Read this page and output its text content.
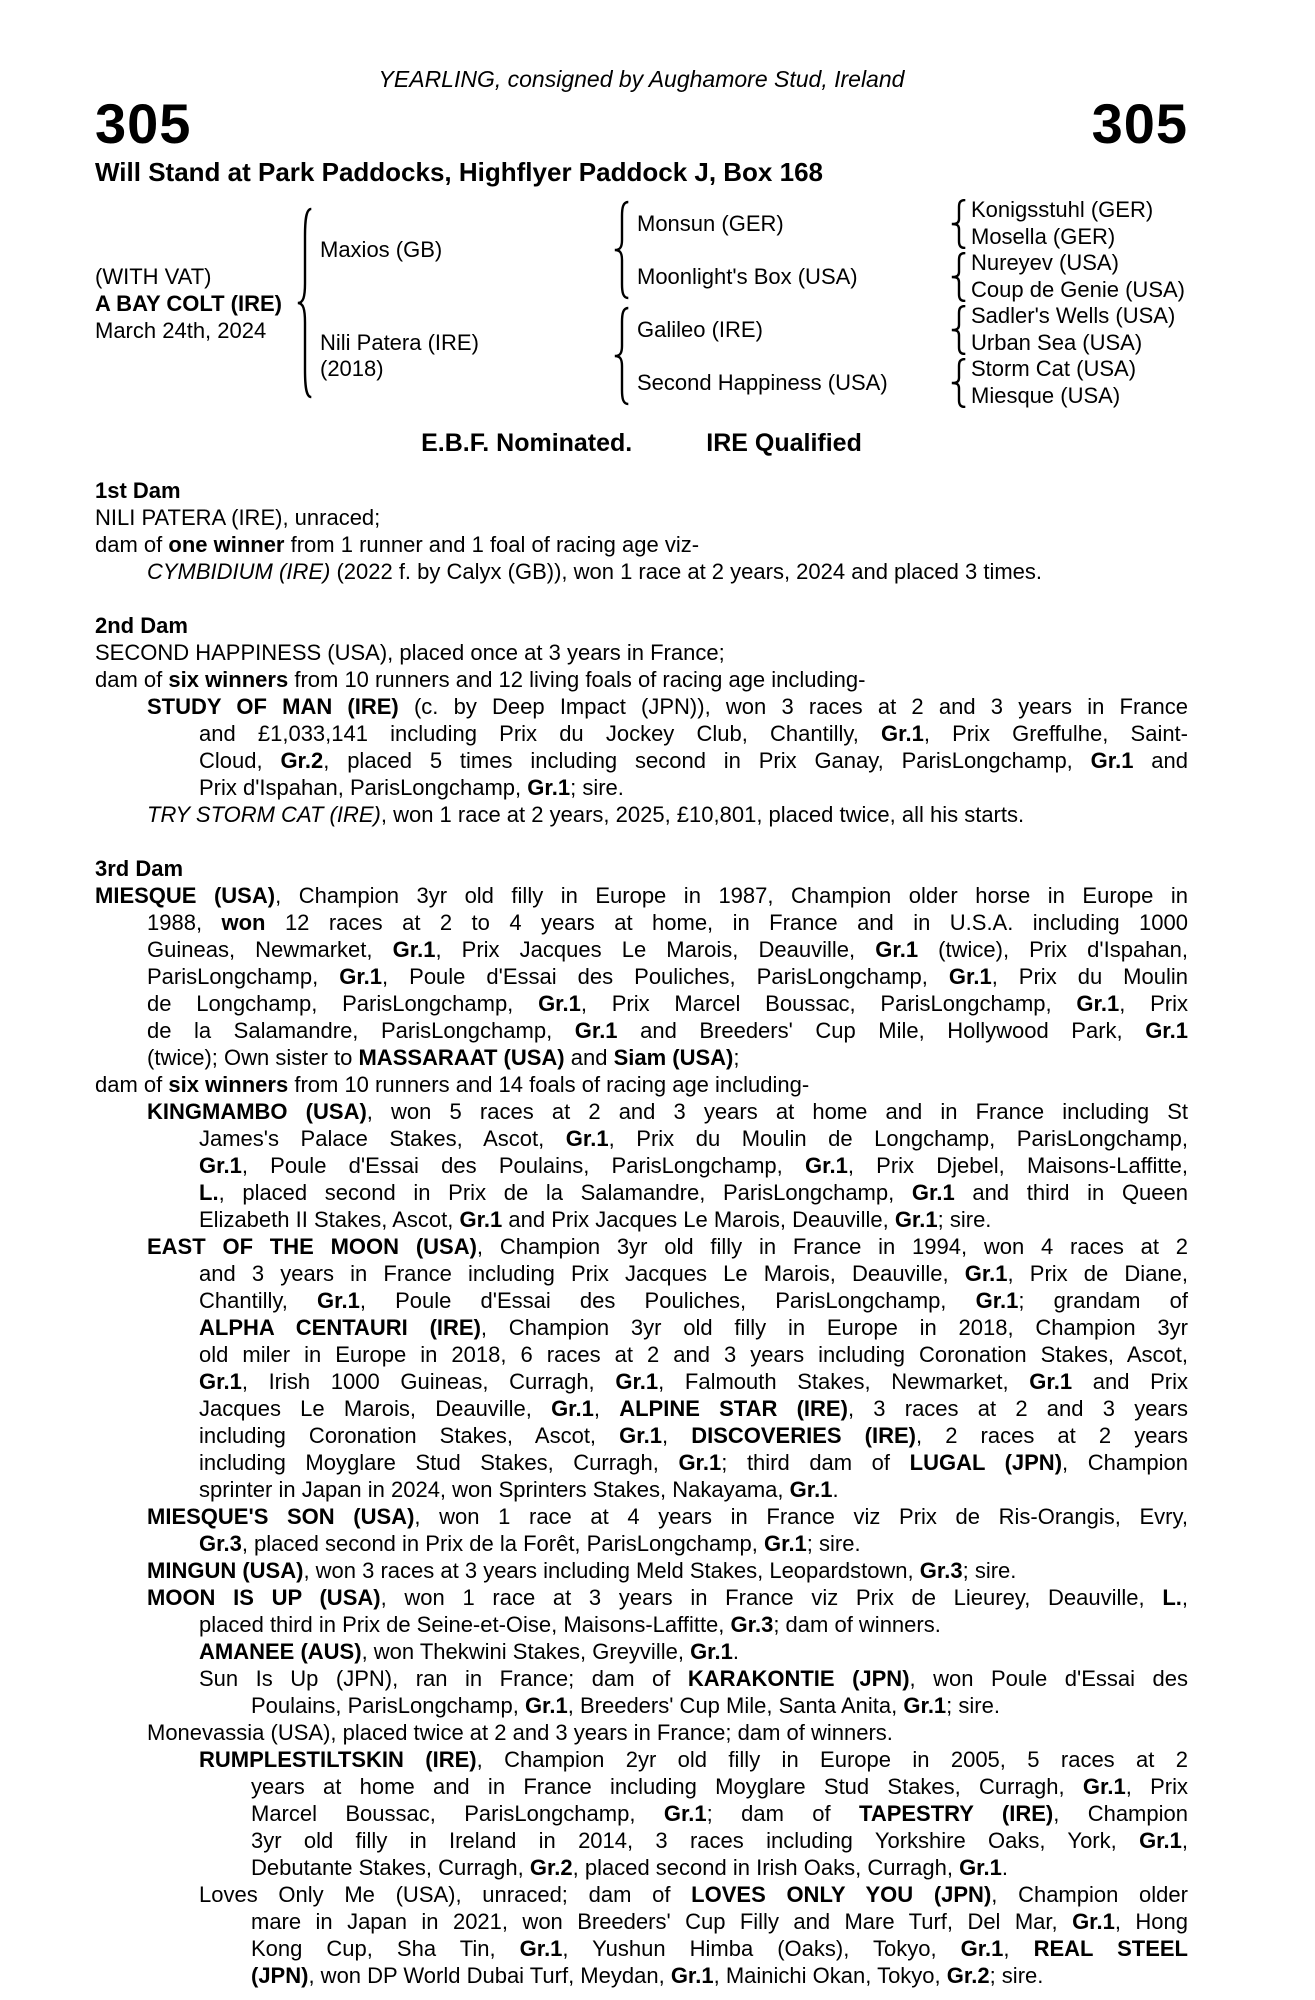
YEARLING, consigned by Aughamore Stud, Ireland
305	305
Will Stand at Park Paddocks, Highflyer Paddock J, Box 168
(WITH VAT)
A BAY COLT (IRE)
March 24th, 2024
Maxios (GB)
Monsun (GER)
Konigsstuhl (GER)
Mosella (GER)
Moonlight's Box (USA)
Nureyev (USA)
Coup de Genie (USA)
Nili Patera (IRE)
(2018)
Galileo (IRE)
Sadler's Wells (USA)
Urban Sea (USA)
Second Happiness (USA)
Storm Cat (USA)
Miesque (USA)
E.B.F. Nominated.	IRE Qualified
1st Dam
NILI PATERA (IRE), unraced;
dam of one winner from 1 runner and 1 foal of racing age viz-
CYMBIDIUM (IRE) (2022 f. by Calyx (GB)), won 1 race at 2 years, 2024 and placed 3 times.
2nd Dam
SECOND HAPPINESS (USA), placed once at 3 years in France;
dam of six winners from 10 runners and 12 living foals of racing age including-
STUDY OF MAN (IRE) (c. by Deep Impact (JPN)), won 3 races at 2 and 3 years in France
and £1,033,141 including Prix du Jockey Club, Chantilly, Gr.1, Prix Greffulhe, Saint-
Cloud, Gr.2, placed 5 times including second in Prix Ganay, ParisLongchamp, Gr.1 and
Prix d'Ispahan, ParisLongchamp, Gr.1; sire.
TRY STORM CAT (IRE), won 1 race at 2 years, 2025, £10,801, placed twice, all his starts.
3rd Dam
MIESQUE (USA), Champion 3yr old filly in Europe in 1987, Champion older horse in Europe in
1988, won 12 races at 2 to 4 years at home, in France and in U.S.A. including 1000
Guineas, Newmarket, Gr.1, Prix Jacques Le Marois, Deauville, Gr.1 (twice), Prix d'Ispahan,
ParisLongchamp, Gr.1, Poule d'Essai des Pouliches, ParisLongchamp, Gr.1, Prix du Moulin
de Longchamp, ParisLongchamp, Gr.1, Prix Marcel Boussac, ParisLongchamp, Gr.1, Prix
de la Salamandre, ParisLongchamp, Gr.1 and Breeders' Cup Mile, Hollywood Park, Gr.1
(twice); Own sister to MASSARAAT (USA) and Siam (USA);
dam of six winners from 10 runners and 14 foals of racing age including-
KINGMAMBO (USA), won 5 races at 2 and 3 years at home and in France including St
James's Palace Stakes, Ascot, Gr.1, Prix du Moulin de Longchamp, ParisLongchamp,
Gr.1, Poule d'Essai des Poulains, ParisLongchamp, Gr.1, Prix Djebel, Maisons-Laffitte,
L., placed second in Prix de la Salamandre, ParisLongchamp, Gr.1 and third in Queen
Elizabeth II Stakes, Ascot, Gr.1 and Prix Jacques Le Marois, Deauville, Gr.1; sire.
EAST OF THE MOON (USA), Champion 3yr old filly in France in 1994, won 4 races at 2
and 3 years in France including Prix Jacques Le Marois, Deauville, Gr.1, Prix de Diane,
Chantilly, Gr.1, Poule d'Essai des Pouliches, ParisLongchamp, Gr.1; grandam of
ALPHA CENTAURI (IRE), Champion 3yr old filly in Europe in 2018, Champion 3yr
old miler in Europe in 2018, 6 races at 2 and 3 years including Coronation Stakes, Ascot,
Gr.1, Irish 1000 Guineas, Curragh, Gr.1, Falmouth Stakes, Newmarket, Gr.1 and Prix
Jacques Le Marois, Deauville, Gr.1, ALPINE STAR (IRE), 3 races at 2 and 3 years
including Coronation Stakes, Ascot, Gr.1, DISCOVERIES (IRE), 2 races at 2 years
including Moyglare Stud Stakes, Curragh, Gr.1; third dam of LUGAL (JPN), Champion
sprinter in Japan in 2024, won Sprinters Stakes, Nakayama, Gr.1.
MIESQUE'S SON (USA), won 1 race at 4 years in France viz Prix de Ris-Orangis, Evry,
Gr.3, placed second in Prix de la Forêt, ParisLongchamp, Gr.1; sire.
MINGUN (USA), won 3 races at 3 years including Meld Stakes, Leopardstown, Gr.3; sire.
MOON IS UP (USA), won 1 race at 3 years in France viz Prix de Lieurey, Deauville, L.,
placed third in Prix de Seine-et-Oise, Maisons-Laffitte, Gr.3; dam of winners.
AMANEE (AUS), won Thekwini Stakes, Greyville, Gr.1.
Sun Is Up (JPN), ran in France; dam of KARAKONTIE (JPN), won Poule d'Essai des
Poulains, ParisLongchamp, Gr.1, Breeders' Cup Mile, Santa Anita, Gr.1; sire.
Monevassia (USA), placed twice at 2 and 3 years in France; dam of winners.
RUMPLESTILTSKIN (IRE), Champion 2yr old filly in Europe in 2005, 5 races at 2
years at home and in France including Moyglare Stud Stakes, Curragh, Gr.1, Prix
Marcel Boussac, ParisLongchamp, Gr.1; dam of TAPESTRY (IRE), Champion
3yr old filly in Ireland in 2014, 3 races including Yorkshire Oaks, York, Gr.1,
Debutante Stakes, Curragh, Gr.2, placed second in Irish Oaks, Curragh, Gr.1.
Loves Only Me (USA), unraced; dam of LOVES ONLY YOU (JPN), Champion older
mare in Japan in 2021, won Breeders' Cup Filly and Mare Turf, Del Mar, Gr.1, Hong
Kong Cup, Sha Tin, Gr.1, Yushun Himba (Oaks), Tokyo, Gr.1, REAL STEEL
(JPN), won DP World Dubai Turf, Meydan, Gr.1, Mainichi Okan, Tokyo, Gr.2; sire.
